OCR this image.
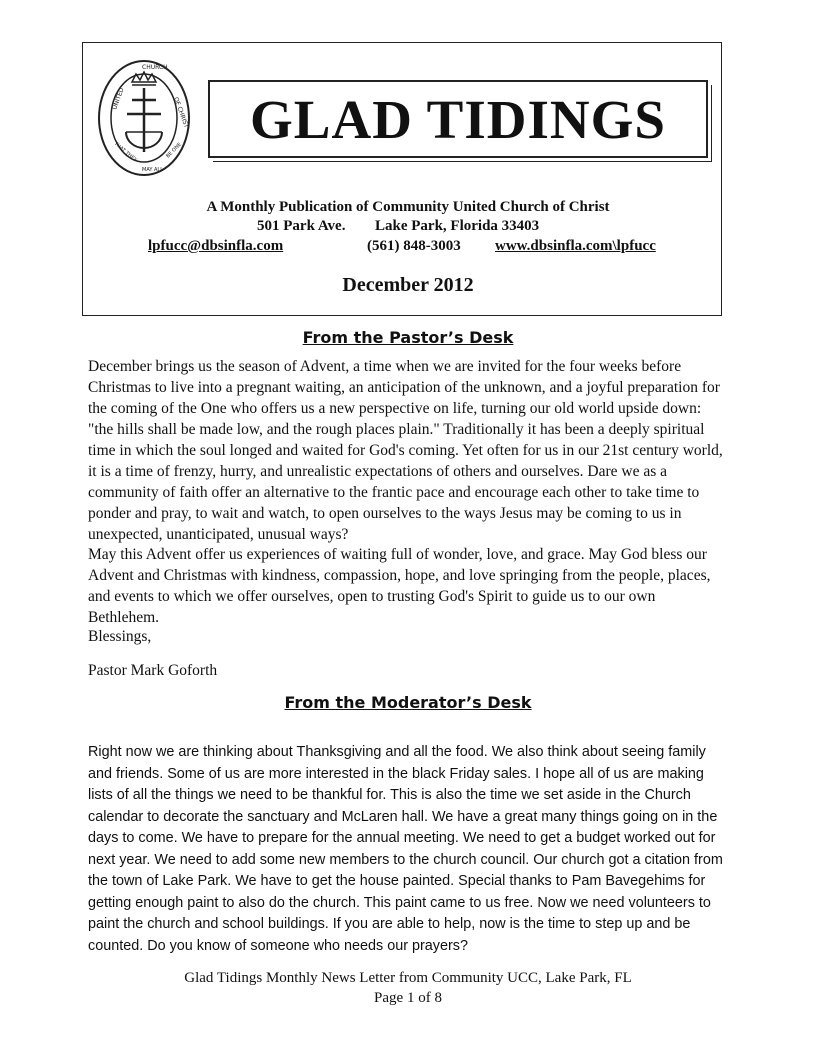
UNITED
CHURCH
OF CHRIST
THAT THEY
MAY ALL
BE ONE
GLAD TIDINGS
A Monthly Publication of Community United Church of Christ
501 Park Ave. Lake Park, Florida 33403
lpfucc@dbsinfla.com	(561) 848-3003 www.dbsinfla.com\lpfucc
December 2012
From the Pastor’s Desk

December brings us the season of Advent, a time when we are invited for the four weeks before Christmas to live into a pregnant waiting, an anticipation of the unknown, and a joyful preparation for the coming of the One who offers us a new perspective on life, turning our old world upside down: "the hills shall be made low, and the rough places plain." Traditionally it has been a deeply spiritual time in which the soul longed and waited for God's coming. Yet often for us in our 21st century world, it is a time of frenzy, hurry, and unrealistic expectations of others and ourselves. Dare we as a community of faith offer an alternative to the frantic pace and encourage each other to take time to ponder and pray, to wait and watch, to open ourselves to the ways Jesus may be coming to us in unexpected, unanticipated, unusual ways?

May this Advent offer us experiences of waiting full of wonder, love, and grace. May God bless our Advent and Christmas with kindness, compassion, hope, and love springing from the people, places, and events to which we offer ourselves, open to trusting God's Spirit to guide us to our own Bethlehem.

Blessings,

Pastor Mark Goforth

From the Moderator’s Desk

Right now we are thinking about Thanksgiving and all the food. We also think about seeing family and friends. Some of us are more interested in the black Friday sales. I hope all of us are making lists of all the things we need to be thankful for. This is also the time we set aside in the Church calendar to decorate the sanctuary and McLaren hall. We have a great many things going on in the days to come. We have to prepare for the annual meeting. We need to get a budget worked out for next year. We need to add some new members to the church council. Our church got a citation from the town of Lake Park. We have to get the house painted. Special thanks to Pam Bavegehims for getting enough paint to also do the church. This paint came to us free. Now we need volunteers to paint the church and school buildings. If you are able to help, now is the time to step up and be counted. Do you know of someone who needs our prayers?

Glad Tidings Monthly News Letter from Community UCC, Lake Park, FL
Page 1 of 8
